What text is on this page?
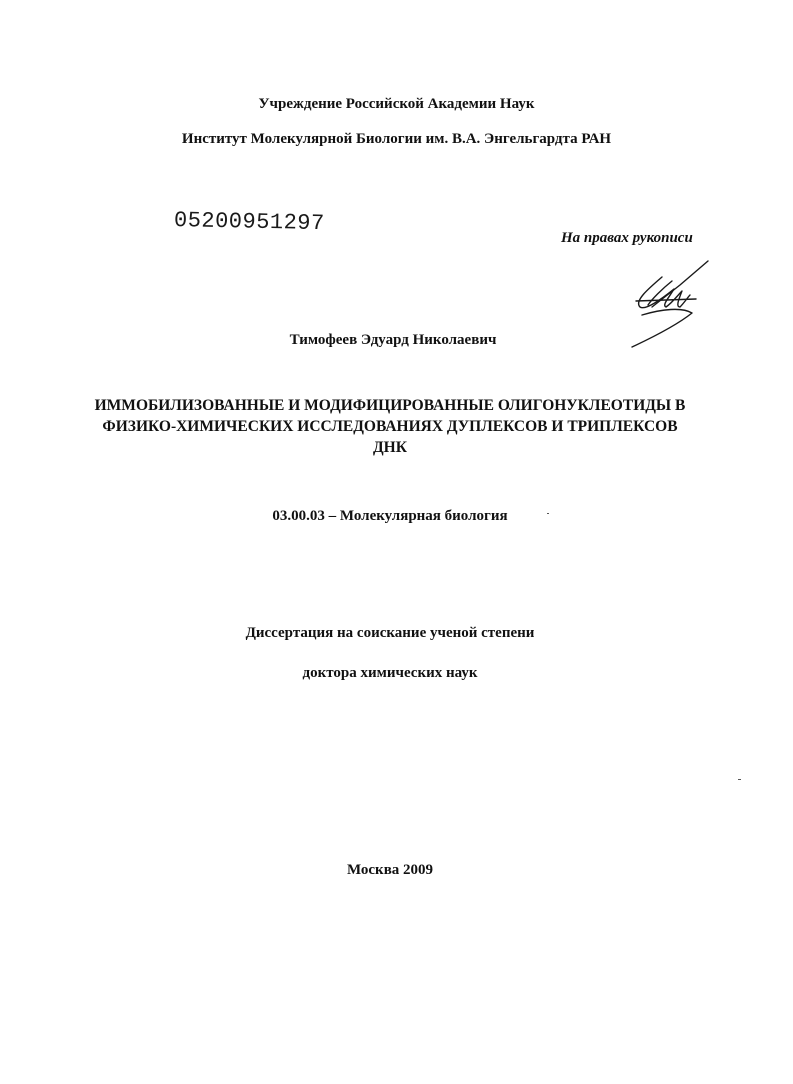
Учреждение Российской Академии Наук
Институт Молекулярной Биологии им. В.А. Энгельгардта РАН
05200951297
На правах рукописи
Тимофеев Эдуард Николаевич
ИММОБИЛИЗОВАННЫЕ И МОДИФИЦИРОВАННЫЕ ОЛИГОНУКЛЕОТИДЫ В
ФИЗИКО-ХИМИЧЕСКИХ ИССЛЕДОВАНИЯХ ДУПЛЕКСОВ И ТРИПЛЕКСОВ
ДНК
03.00.03 – Молекулярная биология
Диссертация на соискание ученой степени
доктора химических наук
Москва 2009
